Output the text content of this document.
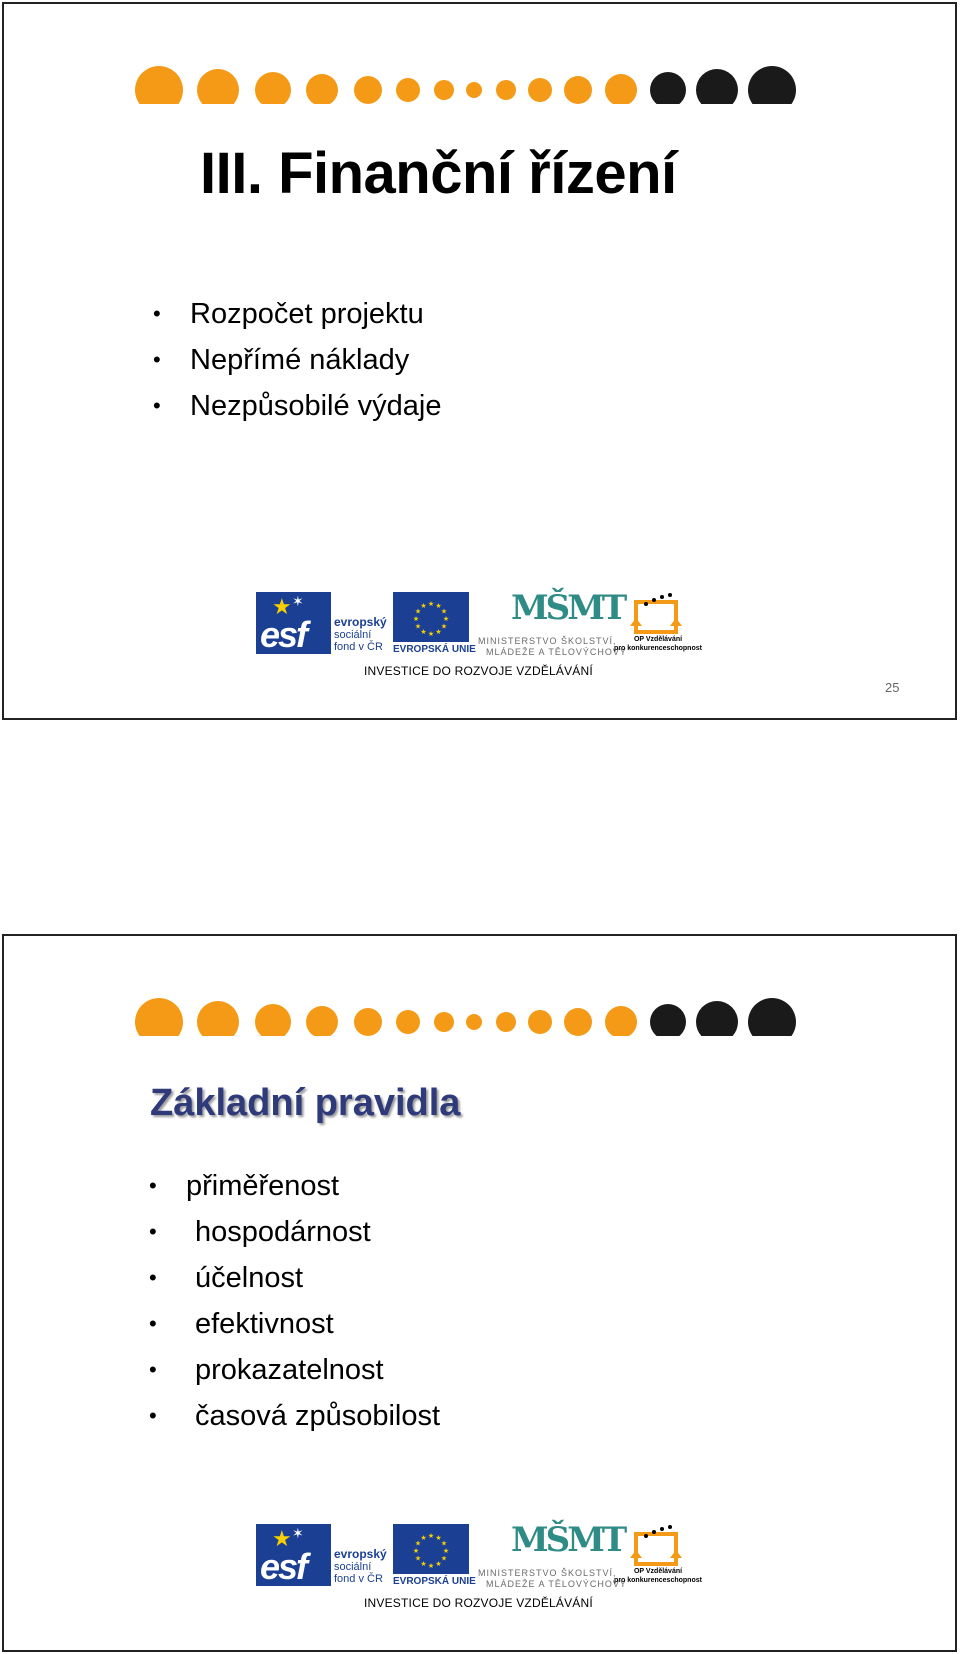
III. Finanční řízení
• Rozpočet projektu
• Nepřímé náklady
• Nezpůsobilé výdaje
★ ✶
esf evropský
sociální
fond v ČR
★
★
★
★
★
★
★
★
★ ★ ★
★
EVROPSKÁ UNIE
MŠMT
MINISTERSTVO ŠKOLSTVÍ,
MLÁDEŽE A TĚLOVÝCHOVY
OP Vzdělávání
pro konkurenceschopnost
INVESTICE DO ROZVOJE VZDĚLÁVÁNÍ
25
Základní pravidla
• přiměřenost
• hospodárnost
• účelnost
• efektivnost
• prokazatelnost
• časová způsobilost
★ ✶
esf evropský
sociální
fond v ČR
★
★
★
★
★
★
★
★
★ ★ ★
★
EVROPSKÁ UNIE
MŠMT
MINISTERSTVO ŠKOLSTVÍ,
MLÁDEŽE A TĚLOVÝCHOVY
OP Vzdělávání
pro konkurenceschopnost
INVESTICE DO ROZVOJE VZDĚLÁVÁNÍ
